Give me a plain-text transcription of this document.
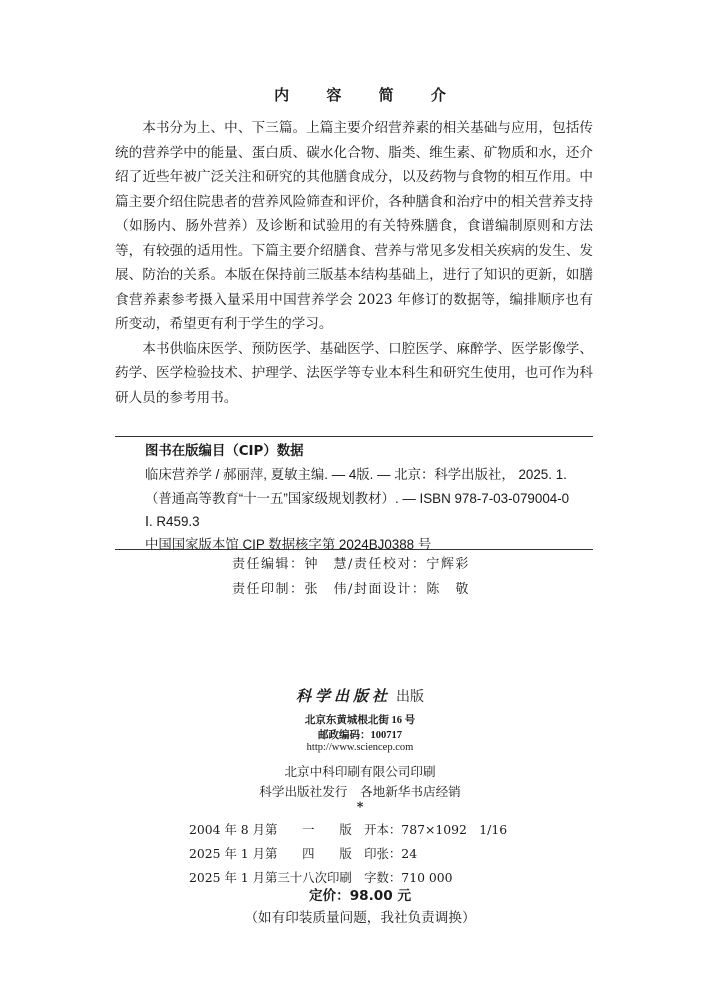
内 容 简 介

本书分为上、中、下三篇。上篇主要介绍营养素的相关基础与应用，包括传统的营养学中的能量、蛋白质、碳水化合物、脂类、维生素、矿物质和水，还介绍了近些年被广泛关注和研究的其他膳食成分，以及药物与食物的相互作用。中篇主要介绍住院患者的营养风险筛查和评价，各种膳食和治疗中的相关营养支持（如肠内、肠外营养）及诊断和试验用的有关特殊膳食，食谱编制原则和方法等，有较强的适用性。下篇主要介绍膳食、营养与常见多发相关疾病的发生、发展、防治的关系。本版在保持前三版基本结构基础上，进行了知识的更新，如膳食营养素参考摄入量采用中国营养学会 2023 年修订的数据等，编排顺序也有所变动，希望更有利于学生的学习。

本书供临床医学、预防医学、基础医学、口腔医学、麻醉学、医学影像学、药学、医学检验技术、护理学、法医学等专业本科生和研究生使用，也可作为科研人员的参考用书。

图书在版编目（CIP）数据
临床营养学 / 郝丽萍, 夏敏主编. — 4版. — 北京：科学出版社， 2025. 1.
（普通高等教育“十一五”国家级规划教材）. — ISBN 978-7-03-079004-0
Ⅰ. R459.3
中国国家版本馆 CIP 数据核字第 2024BJ0388 号
责任编辑：钟　慧/责任校对：宁辉彩
责任印制：张　伟/封面设计：陈　敬
科学出版社 出版
北京东黄城根北街 16 号
邮政编码：100717
http://www.sciencep.com
北京中科印刷有限公司印刷
科学出版社发行　各地新华书店经销
*
2004 年 8 月第　　一　　版　开本：787×1092　1/16
2025 年 1 月第　　四　　版　印张：24
2025 年 1 月第三十八次印刷　字数：710 000
定价：98.00 元
（如有印装质量问题，我社负责调换）
